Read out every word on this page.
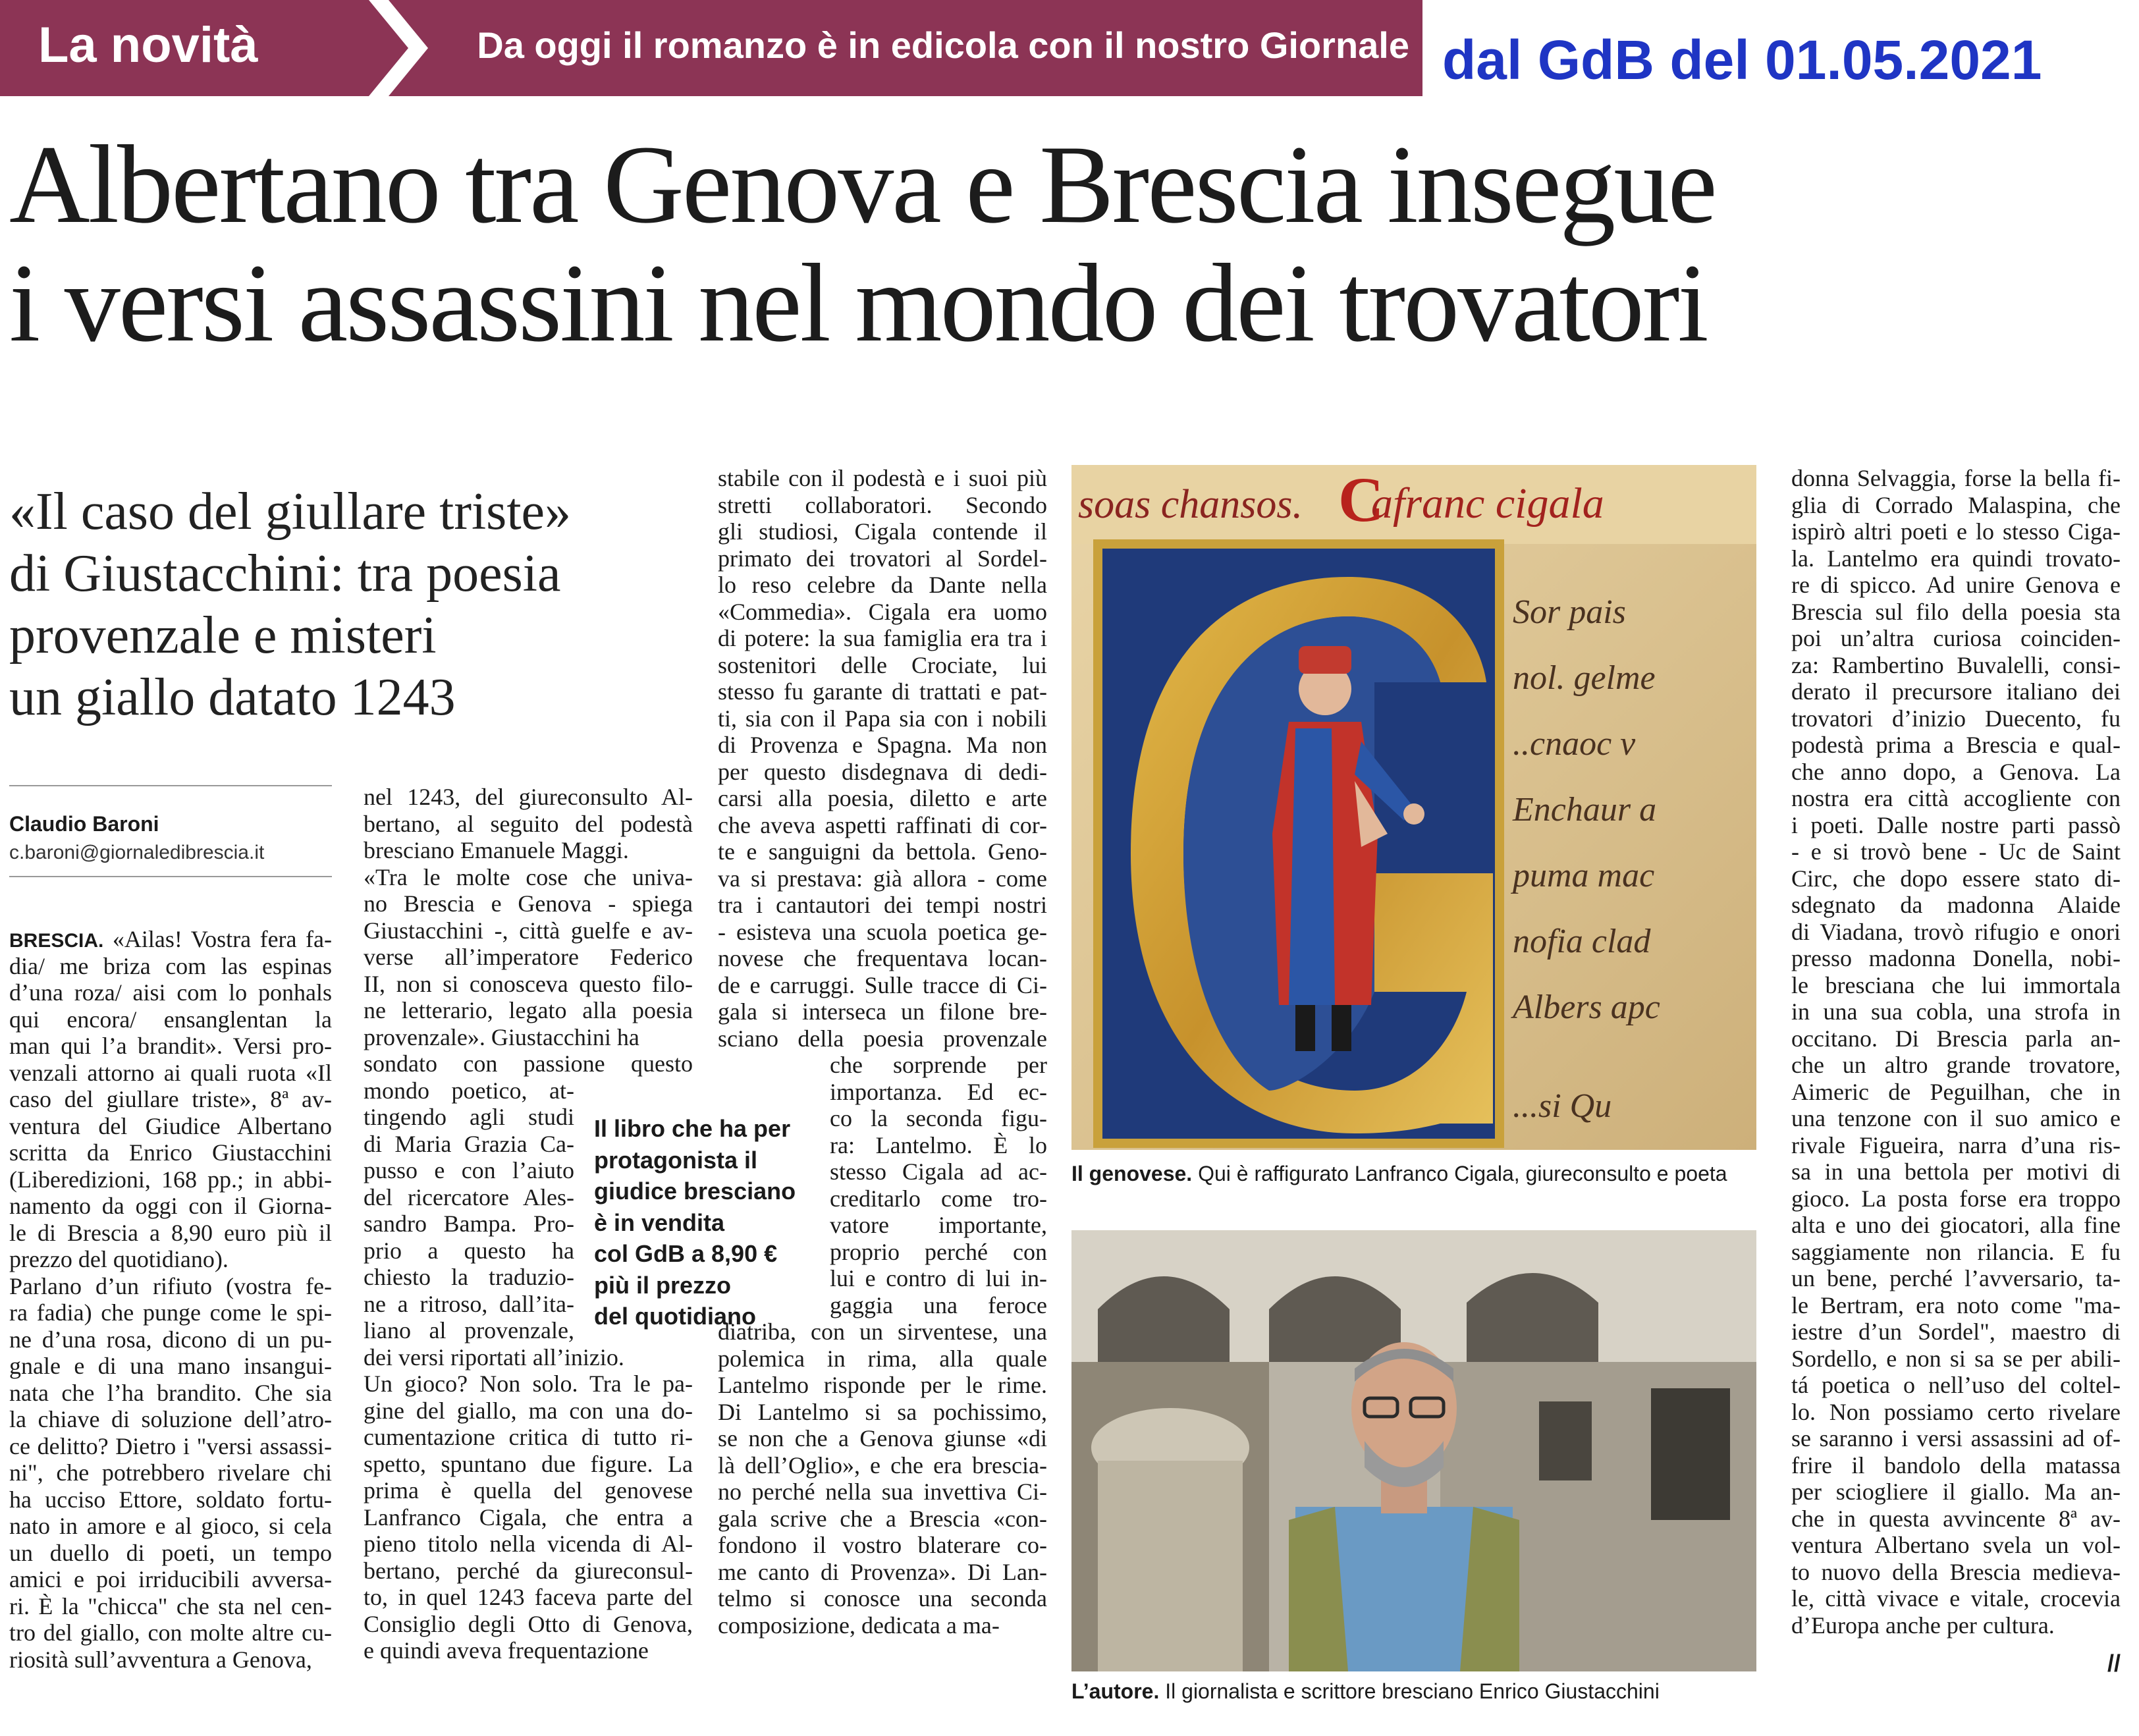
La novità	Da oggi il romanzo è in edicola con il nostro Giornale dal GdB del 01.05.2021
Albertano tra Genova e Brescia insegue
i versi assassini nel mondo dei trovatori
«Il caso del giullare triste»
di Giustacchini: tra poesia
provenzale e misteri
un giallo datato 1243
Claudio Baroni
c.baroni@giornaledibrescia.it
BRESCIA. «Ailas! Vostra fera fa-
dia/ me briza com las espinas
d’una roza/ aisi com lo ponhals
qui encora/ ensanglentan la
man qui l’a brandit». Versi pro-
venzali attorno ai quali ruota «Il
caso del giullare triste», 8ª av-
ventura del Giudice Albertano
scritta da Enrico Giustacchini
(Liberedizioni, 168 pp.; in abbi-
namento da oggi con il Giorna-
le di Brescia a 8,90 euro più il
prezzo del quotidiano).
Parlano d’un rifiuto (vostra fe-
ra fadia) che punge come le spi-
ne d’una rosa, dicono di un pu-
gnale e di una mano insangui-
nata che l’ha brandito. Che sia
la chiave di soluzione dell’atro-
ce delitto? Dietro i "versi assassi-
ni", che potrebbero rivelare chi
ha ucciso Ettore, soldato fortu-
nato in amore e al gioco, si cela
un duello di poeti, un tempo
amici e poi irriducibili avversa-
ri. È la "chicca" che sta nel cen-
tro del giallo, con molte altre cu-
riosità sull’avventura a Genova,
nel 1243, del giureconsulto Al-
bertano, al seguito del podestà
bresciano Emanuele Maggi.
«Tra le molte cose che univa-
no Brescia e Genova - spiega
Giustacchini -, città guelfe e av-
verse all’imperatore Federico
II, non si conosceva questo filo-
ne letterario, legato alla poesia
provenzale». Giustacchini ha
sondato con passione questo
mondo poetico, at-
tingendo agli studi
di Maria Grazia Ca-
pusso e con l’aiuto
del ricercatore Ales-
sandro Bampa. Pro-
prio a questo ha
chiesto la traduzio-
ne a ritroso, dall’ita-
liano al provenzale,
dei versi riportati all’inizio.
Un gioco? Non solo. Tra le pa-
gine del giallo, ma con una do-
cumentazione critica di tutto ri-
spetto, spuntano due figure. La
prima è quella del genovese
Lanfranco Cigala, che entra a
pieno titolo nella vicenda di Al-
bertano, perché da giureconsul-
to, in quel 1243 faceva parte del
Consiglio degli Otto di Genova,
e quindi aveva frequentazione
Il libro che ha per
protagonista il
giudice bresciano
è in vendita
col GdB a 8,90 €
più il prezzo
del quotidiano
stabile con il podestà e i suoi più
stretti collaboratori. Secondo
gli studiosi, Cigala contende il
primato dei trovatori al Sordel-
lo reso celebre da Dante nella
«Commedia». Cigala era uomo
di potere: la sua famiglia era tra i
sostenitori delle Crociate, lui
stesso fu garante di trattati e pat-
ti, sia con il Papa sia con i nobili
di Provenza e Spagna. Ma non
per questo disdegnava di dedi-
carsi alla poesia, diletto e arte
che aveva aspetti raffinati di cor-
te e sanguigni da bettola. Geno-
va si prestava: già allora - come
tra i cantautori dei tempi nostri
- esisteva una scuola poetica ge-
novese che frequentava locan-
de e carruggi. Sulle tracce di Ci-
gala si interseca un filone bre-
sciano della poesia provenzale
che sorprende per
importanza. Ed ec-
co la seconda figu-
ra: Lantelmo. È lo
stesso Cigala ad ac-
creditarlo come tro-
vatore importante,
proprio perché con
lui e contro di lui in-
gaggia una feroce
diatriba, con un sirventese, una
polemica in rima, alla quale
Lantelmo risponde per le rime.
Di Lantelmo si sa pochissimo,
se non che a Genova giunse «di
là dell’Oglio», e che era brescia-
no perché nella sua invettiva Ci-
gala scrive che a Brescia «con-
fondono il vostro blaterare co-
me canto di Provenza». Di Lan-
telmo si conosce una seconda
composizione, dedicata a ma-
soas chansos. afranc cigala
C
Sor pais
nol. gelme
..cnaoc v
Enchaur a
puma mac
nofia clad
Albers apc
...si Qu
Il genovese. Qui è raffigurato Lanfranco Cigala, giureconsulto e poeta
L’autore. Il giornalista e scrittore bresciano Enrico Giustacchini
donna Selvaggia, forse la bella fi-
glia di Corrado Malaspina, che
ispirò altri poeti e lo stesso Ciga-
la. Lantelmo era quindi trovato-
re di spicco. Ad unire Genova e
Brescia sul filo della poesia sta
poi un’altra curiosa coinciden-
za: Rambertino Buvalelli, consi-
derato il precursore italiano dei
trovatori d’inizio Duecento, fu
podestà prima a Brescia e qual-
che anno dopo, a Genova. La
nostra era città accogliente con
i poeti. Dalle nostre parti passò
- e si trovò bene - Uc de Saint
Circ, che dopo essere stato di-
sdegnato da madonna Alaide
di Viadana, trovò rifugio e onori
presso madonna Donella, nobi-
le bresciana che lui immortala
in una sua cobla, una strofa in
occitano. Di Brescia parla an-
che un altro grande trovatore,
Aimeric de Peguilhan, che in
una tenzone con il suo amico e
rivale Figueira, narra d’una ris-
sa in una bettola per motivi di
gioco. La posta forse era troppo
alta e uno dei giocatori, alla fine
saggiamente non rilancia. E fu
un bene, perché l’avversario, ta-
le Bertram, era noto come "ma-
iestre d’un Sordel", maestro di
Sordello, e non si sa se per abili-
tá poetica o nell’uso del coltel-
lo. Non possiamo certo rivelare
se saranno i versi assassini ad of-
frire il bandolo della matassa
per sciogliere il giallo. Ma an-
che in questa avvincente 8ª av-
ventura Albertano svela un vol-
to nuovo della Brescia medieva-
le, città vivace e vitale, crocevia
d’Europa anche per cultura.
//
